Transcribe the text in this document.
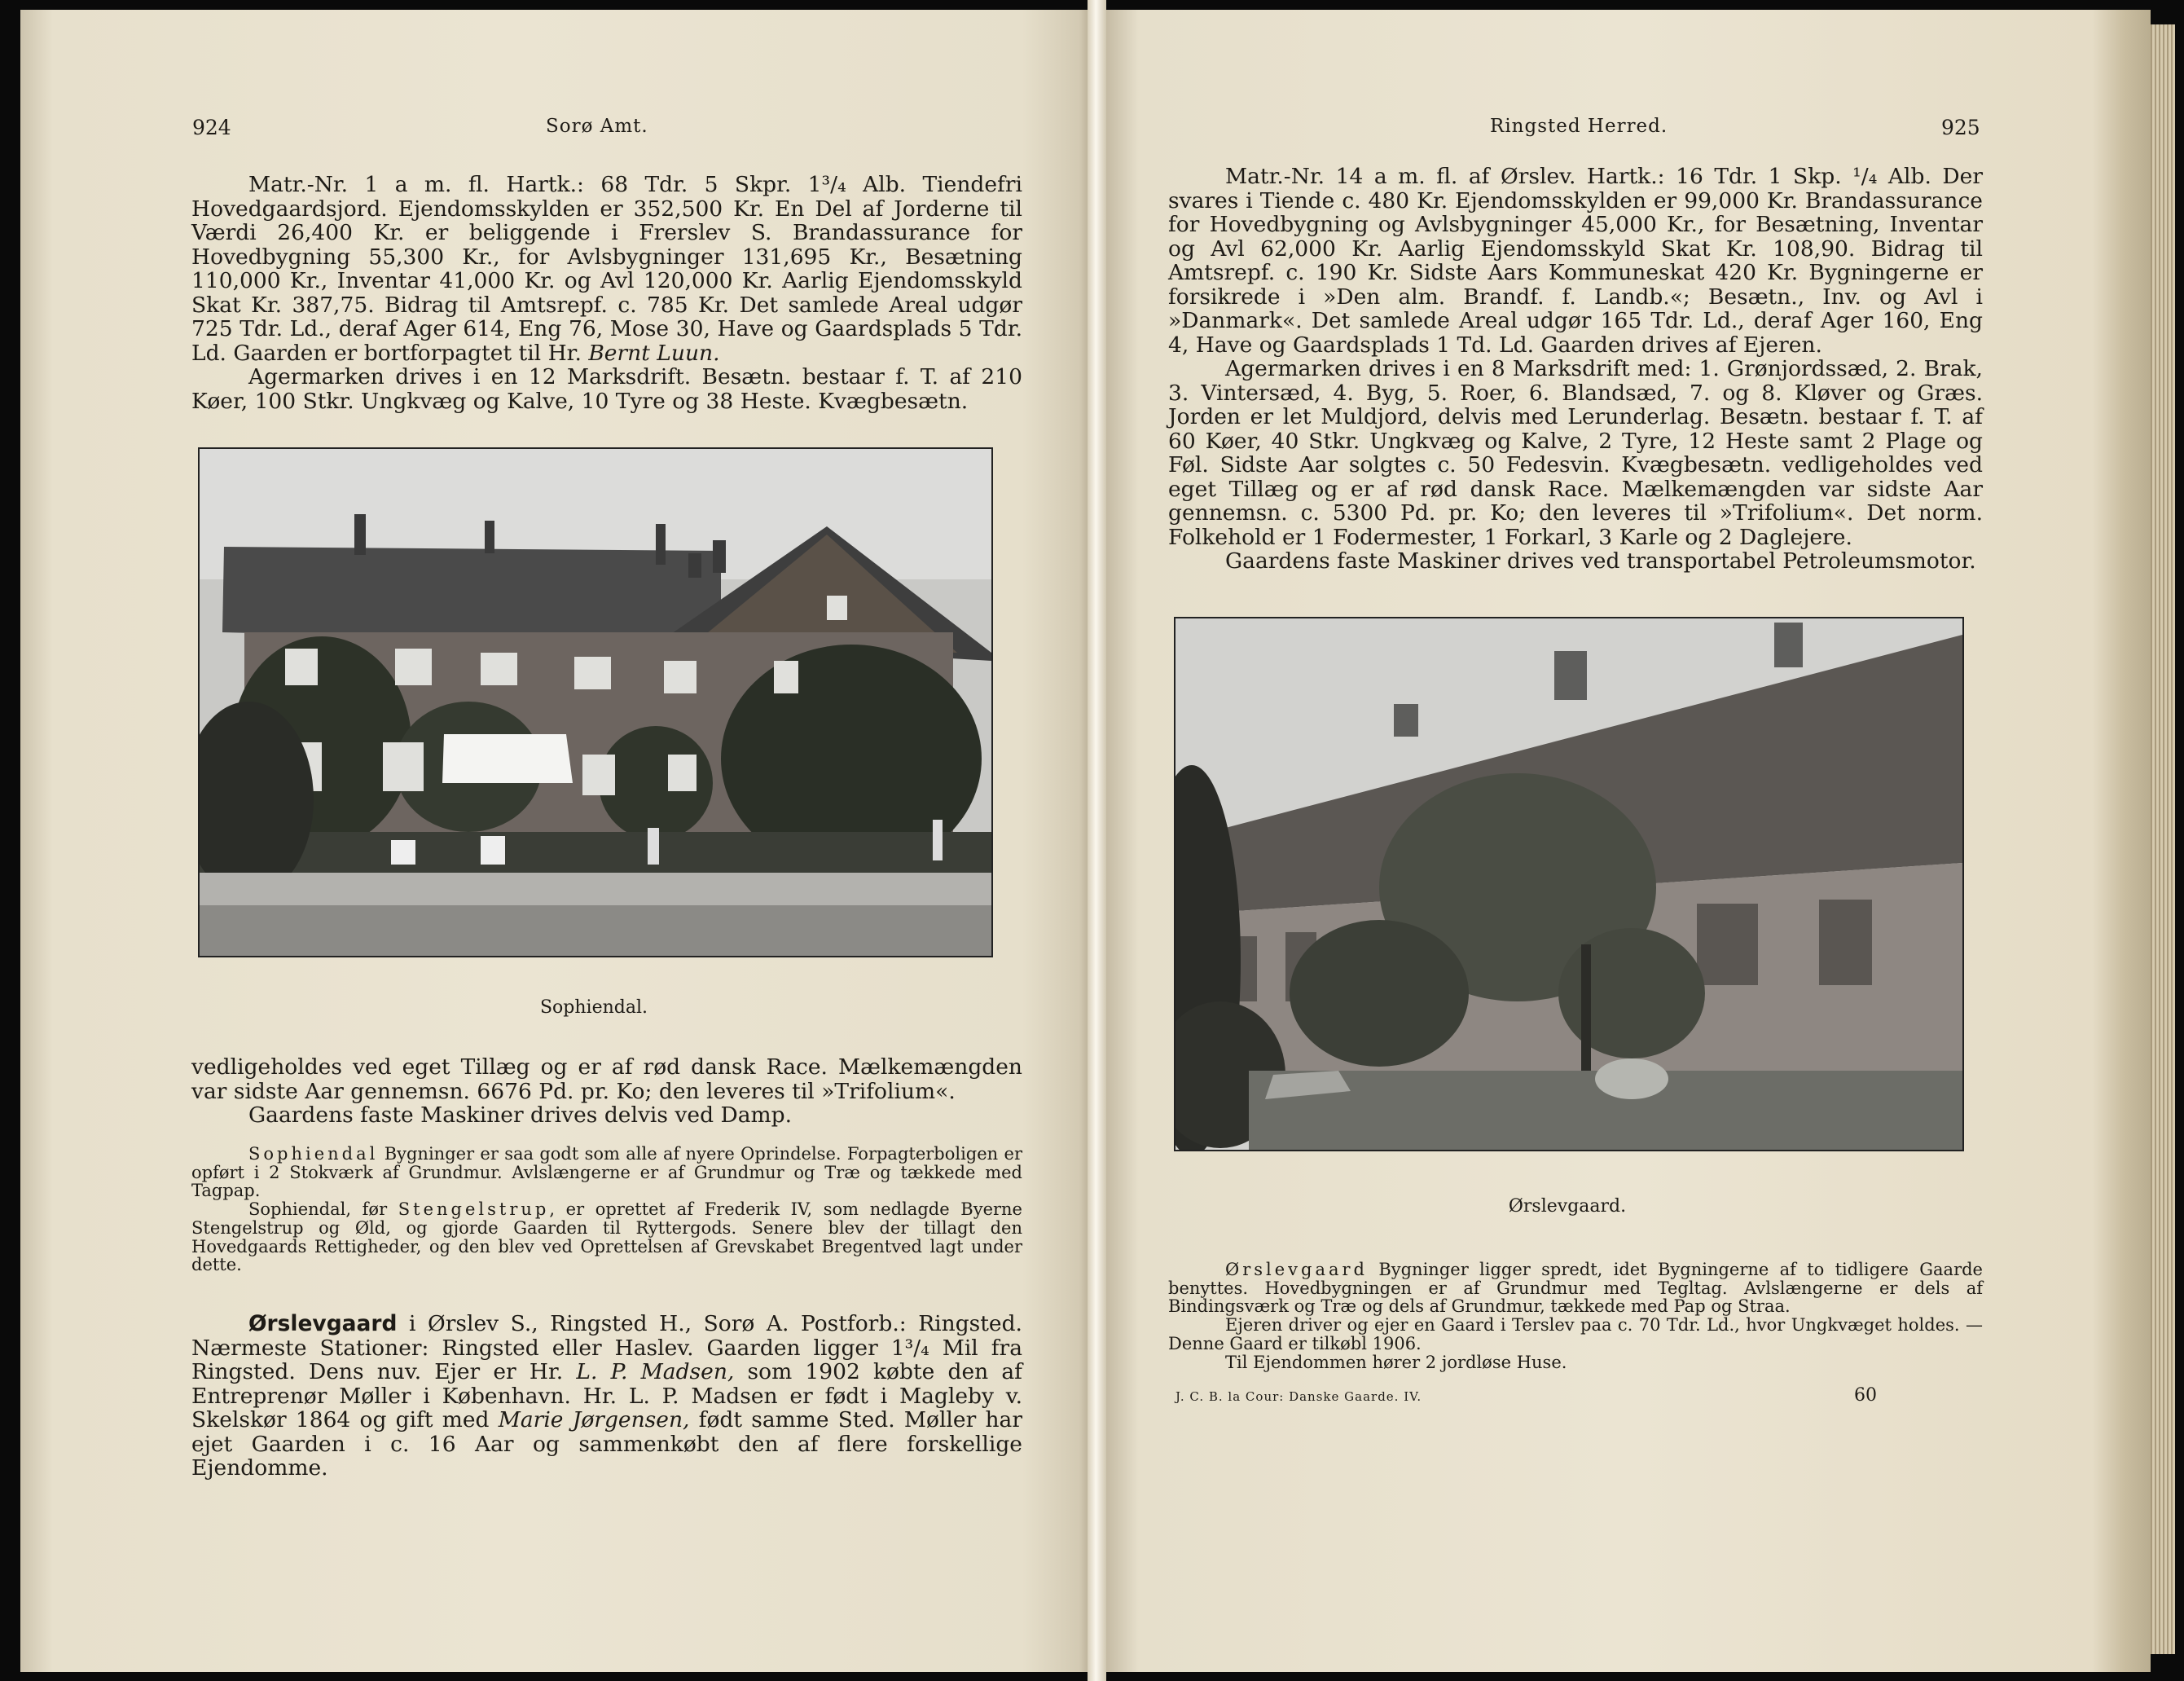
924	Sorø Amt.

Matr.-Nr. 1 a m. fl. Hartk.: 68 Tdr. 5 Skpr. 1³/₄ Alb. Tiendefri Hovedgaardsjord. Ejendomsskylden er 352,500 Kr. En Del af Jorderne til Værdi 26,400 Kr. er beliggende i Frerslev S. Brandassurance for Hovedbygning 55,300 Kr., for Avlsbygninger 131,695 Kr., Besætning 110,000 Kr., Inventar 41,000 Kr. og Avl 120,000 Kr. Aarlig Ejendomsskyld Skat Kr. 387,75. Bidrag til Amtsrepf. c. 785 Kr. Det samlede Areal udgør 725 Tdr. Ld., deraf Ager 614, Eng 76, Mose 30, Have og Gaardsplads 5 Tdr. Ld. Gaarden er bortforpagtet til Hr. Bernt Luun.

Agermarken drives i en 12 Marksdrift. Besætn. bestaar f. T. af 210 Køer, 100 Stkr. Ungkvæg og Kalve, 10 Tyre og 38 Heste. Kvægbesætn.

Sophiendal.

vedligeholdes ved eget Tillæg og er af rød dansk Race. Mælkemængden var sidste Aar gennemsn. 6676 Pd. pr. Ko; den leveres til »Trifolium«.

Gaardens faste Maskiner drives delvis ved Damp.

Sophiendal Bygninger er saa godt som alle af nyere Oprindelse. Forpagterboligen er opført i 2 Stokværk af Grundmur. Avlslængerne er af Grundmur og Træ og tækkede med Tagpap.

Sophiendal, før Stengelstrup, er oprettet af Frederik IV, som nedlagde Byerne Stengelstrup og Øld, og gjorde Gaarden til Ryttergods. Senere blev der tillagt den Hovedgaards Rettigheder, og den blev ved Oprettelsen af Grevskabet Bregentved lagt under dette.

Ørslevgaard i Ørslev S., Ringsted H., Sorø A. Postforb.: Ringsted. Nærmeste Stationer: Ringsted eller Haslev. Gaarden ligger 1³/₄ Mil fra Ringsted. Dens nuv. Ejer er Hr. L. P. Madsen, som 1902 købte den af Entreprenør Møller i København. Hr. L. P. Madsen er født i Magleby v. Skelskør 1864 og gift med Marie Jørgensen, født samme Sted. Møller har ejet Gaarden i c. 16 Aar og sammenkøbt den af flere forskellige Ejendomme.

Ringsted Herred.	925

Matr.-Nr. 14 a m. fl. af Ørslev. Hartk.: 16 Tdr. 1 Skp. ¹/₄ Alb. Der svares i Tiende c. 480 Kr. Ejendomsskylden er 99,000 Kr. Brandassurance for Hovedbygning og Avlsbygninger 45,000 Kr., for Besætning, Inventar og Avl 62,000 Kr. Aarlig Ejendomsskyld Skat Kr. 108,90. Bidrag til Amtsrepf. c. 190 Kr. Sidste Aars Kommuneskat 420 Kr. Bygningerne er forsikrede i »Den alm. Brandf. f. Landb.«; Besætn., Inv. og Avl i »Danmark«. Det samlede Areal udgør 165 Tdr. Ld., deraf Ager 160, Eng 4, Have og Gaardsplads 1 Td. Ld. Gaarden drives af Ejeren.

Agermarken drives i en 8 Marksdrift med: 1. Grønjordssæd, 2. Brak, 3. Vintersæd, 4. Byg, 5. Roer, 6. Blandsæd, 7. og 8. Kløver og Græs. Jorden er let Muldjord, delvis med Lerunderlag. Besætn. bestaar f. T. af 60 Køer, 40 Stkr. Ungkvæg og Kalve, 2 Tyre, 12 Heste samt 2 Plage og Føl. Sidste Aar solgtes c. 50 Fedesvin. Kvægbesætn. vedligeholdes ved eget Tillæg og er af rød dansk Race. Mælkemængden var sidste Aar gennemsn. c. 5300 Pd. pr. Ko; den leveres til »Trifolium«. Det norm. Folkehold er 1 Fodermester, 1 Forkarl, 3 Karle og 2 Daglejere.

Gaardens faste Maskiner drives ved transportabel Petroleumsmotor.

Ørslevgaard.

Ørslevgaard Bygninger ligger spredt, idet Bygningerne af to tidligere Gaarde benyttes. Hovedbygningen er af Grundmur med Tegltag. Avlslængerne er dels af Bindingsværk og Træ og dels af Grundmur, tækkede med Pap og Straa.

Ejeren driver og ejer en Gaard i Terslev paa c. 70 Tdr. Ld., hvor Ungkvæget holdes. — Denne Gaard er tilkøbl 1906.

Til Ejendommen hører 2 jordløse Huse.

J. C. B. la Cour: Danske Gaarde. IV.	60
